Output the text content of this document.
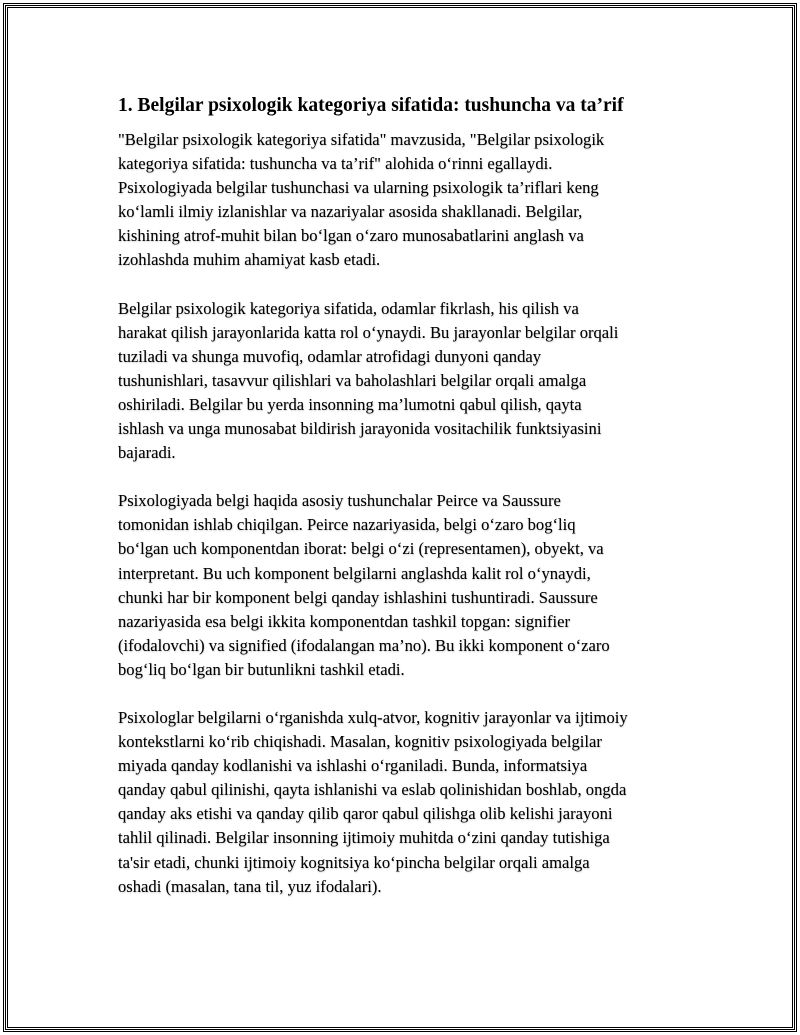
1. Belgilar psixologik kategoriya sifatida: tushuncha va ta’rif

"Belgilar psixologik kategoriya sifatida" mavzusida, "Belgilar psixologik
kategoriya sifatida: tushuncha va ta’rif" alohida o‘rinni egallaydi.
Psixologiyada belgilar tushunchasi va ularning psixologik ta’riflari keng
ko‘lamli ilmiy izlanishlar va nazariyalar asosida shakllanadi. Belgilar,
kishining atrof-muhit bilan bo‘lgan o‘zaro munosabatlarini anglash va
izohlashda muhim ahamiyat kasb etadi.

Belgilar psixologik kategoriya sifatida, odamlar fikrlash, his qilish va
harakat qilish jarayonlarida katta rol o‘ynaydi. Bu jarayonlar belgilar orqali
tuziladi va shunga muvofiq, odamlar atrofidagi dunyoni qanday
tushunishlari, tasavvur qilishlari va baholashlari belgilar orqali amalga
oshiriladi. Belgilar bu yerda insonning ma’lumotni qabul qilish, qayta
ishlash va unga munosabat bildirish jarayonida vositachilik funktsiyasini
bajaradi.

Psixologiyada belgi haqida asosiy tushunchalar Peirce va Saussure
tomonidan ishlab chiqilgan. Peirce nazariyasida, belgi o‘zaro bog‘liq
bo‘lgan uch komponentdan iborat: belgi o‘zi (representamen), obyekt, va
interpretant. Bu uch komponent belgilarni anglashda kalit rol o‘ynaydi,
chunki har bir komponent belgi qanday ishlashini tushuntiradi. Saussure
nazariyasida esa belgi ikkita komponentdan tashkil topgan: signifier
(ifodalovchi) va signified (ifodalangan ma’no). Bu ikki komponent o‘zaro
bog‘liq bo‘lgan bir butunlikni tashkil etadi.

Psixologlar belgilarni o‘rganishda xulq-atvor, kognitiv jarayonlar va ijtimoiy
kontekstlarni ko‘rib chiqishadi. Masalan, kognitiv psixologiyada belgilar
miyada qanday kodlanishi va ishlashi o‘rganiladi. Bunda, informatsiya
qanday qabul qilinishi, qayta ishlanishi va eslab qolinishidan boshlab, ongda
qanday aks etishi va qanday qilib qaror qabul qilishga olib kelishi jarayoni
tahlil qilinadi. Belgilar insonning ijtimoiy muhitda o‘zini qanday tutishiga
ta'sir etadi, chunki ijtimoiy kognitsiya ko‘pincha belgilar orqali amalga
oshadi (masalan, tana til, yuz ifodalari).
